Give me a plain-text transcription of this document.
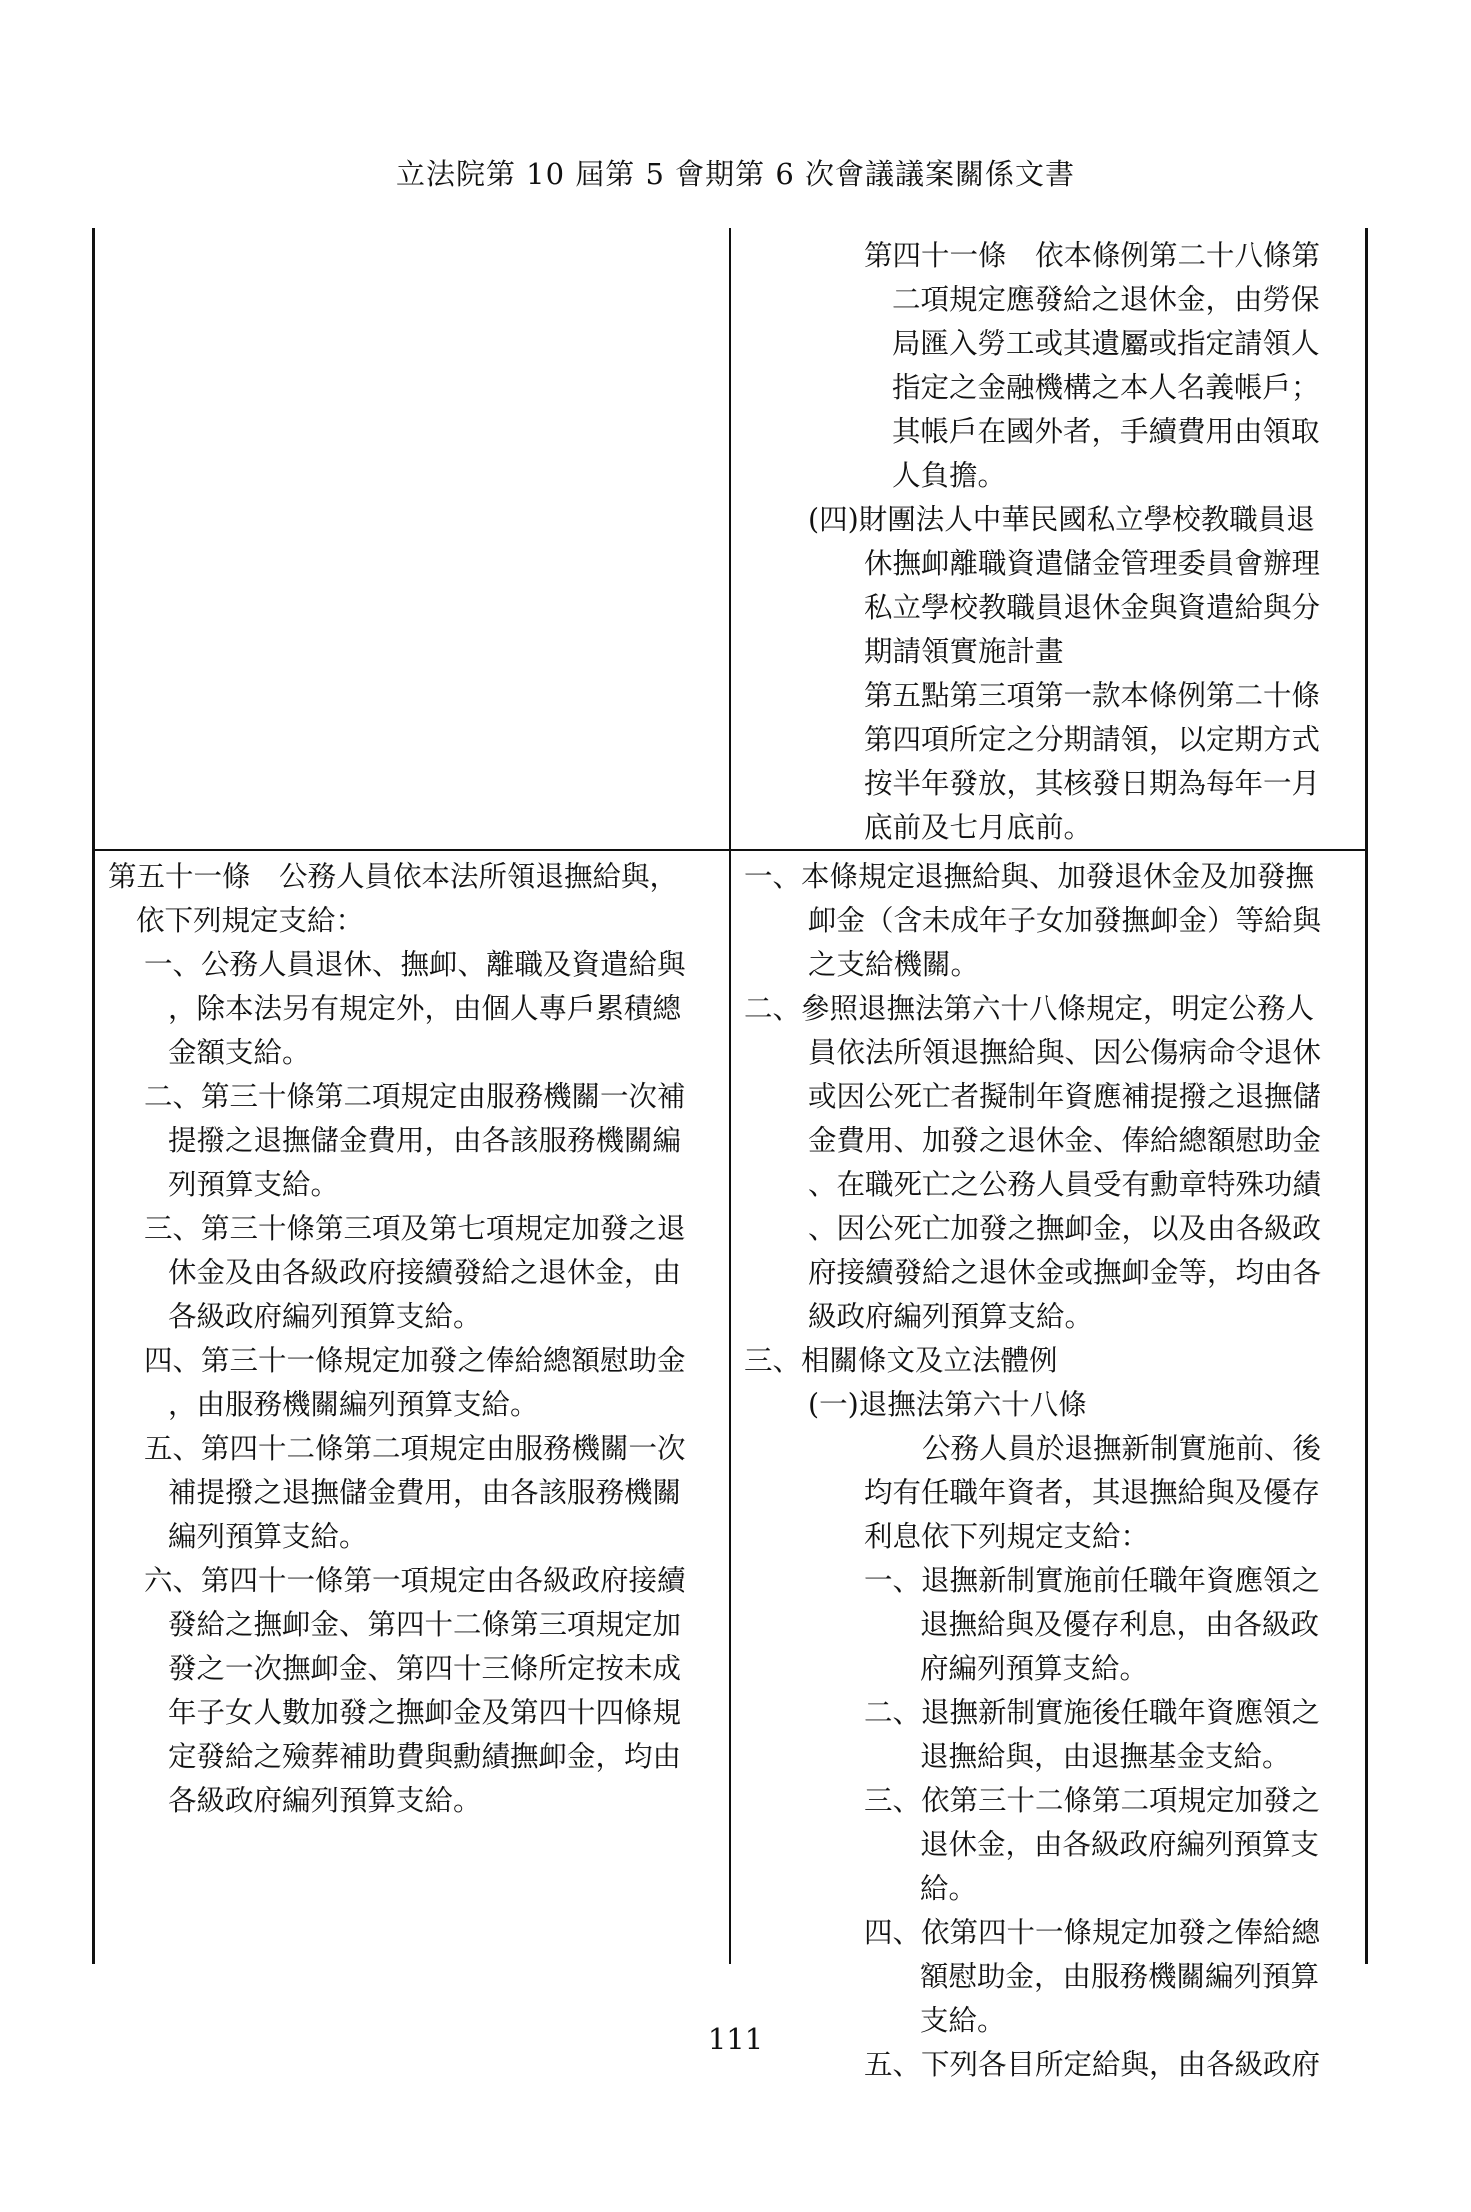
立法院第 10 屆第 5 會期第 6 次會議議案關係文書
第四十一條　依本條例第二十八條第
二項規定應發給之退休金，由勞保
局匯入勞工或其遺屬或指定請領人
指定之金融機構之本人名義帳戶；
其帳戶在國外者，手續費用由領取
人負擔。
(四)財團法人中華民國私立學校教職員退
休撫卹離職資遣儲金管理委員會辦理
私立學校教職員退休金與資遣給與分
期請領實施計畫
第五點第三項第一款本條例第二十條
第四項所定之分期請領，以定期方式
按半年發放，其核發日期為每年一月
底前及七月底前。
第五十一條　公務人員依本法所領退撫給與，
依下列規定支給：
一、公務人員退休、撫卹、離職及資遣給與
，除本法另有規定外，由個人專戶累積總
金額支給。
二、第三十條第二項規定由服務機關一次補
提撥之退撫儲金費用，由各該服務機關編
列預算支給。
三、第三十條第三項及第七項規定加發之退
休金及由各級政府接續發給之退休金，由
各級政府編列預算支給。
四、第三十一條規定加發之俸給總額慰助金
，由服務機關編列預算支給。
五、第四十二條第二項規定由服務機關一次
補提撥之退撫儲金費用，由各該服務機關
編列預算支給。
六、第四十一條第一項規定由各級政府接續
發給之撫卹金、第四十二條第三項規定加
發之一次撫卹金、第四十三條所定按未成
年子女人數加發之撫卹金及第四十四條規
定發給之殮葬補助費與勳績撫卹金，均由
各級政府編列預算支給。
一、本條規定退撫給與、加發退休金及加發撫
卹金（含未成年子女加發撫卹金）等給與
之支給機關。
二、參照退撫法第六十八條規定，明定公務人
員依法所領退撫給與、因公傷病命令退休
或因公死亡者擬制年資應補提撥之退撫儲
金費用、加發之退休金、俸給總額慰助金
、在職死亡之公務人員受有勳章特殊功績
、因公死亡加發之撫卹金，以及由各級政
府接續發給之退休金或撫卹金等，均由各
級政府編列預算支給。
三、相關條文及立法體例
(一)退撫法第六十八條
公務人員於退撫新制實施前、後
均有任職年資者，其退撫給與及優存
利息依下列規定支給：
一、退撫新制實施前任職年資應領之
退撫給與及優存利息，由各級政
府編列預算支給。
二、退撫新制實施後任職年資應領之
退撫給與，由退撫基金支給。
三、依第三十二條第二項規定加發之
退休金，由各級政府編列預算支
給。
四、依第四十一條規定加發之俸給總
額慰助金，由服務機關編列預算
支給。
五、下列各目所定給與，由各級政府
111
